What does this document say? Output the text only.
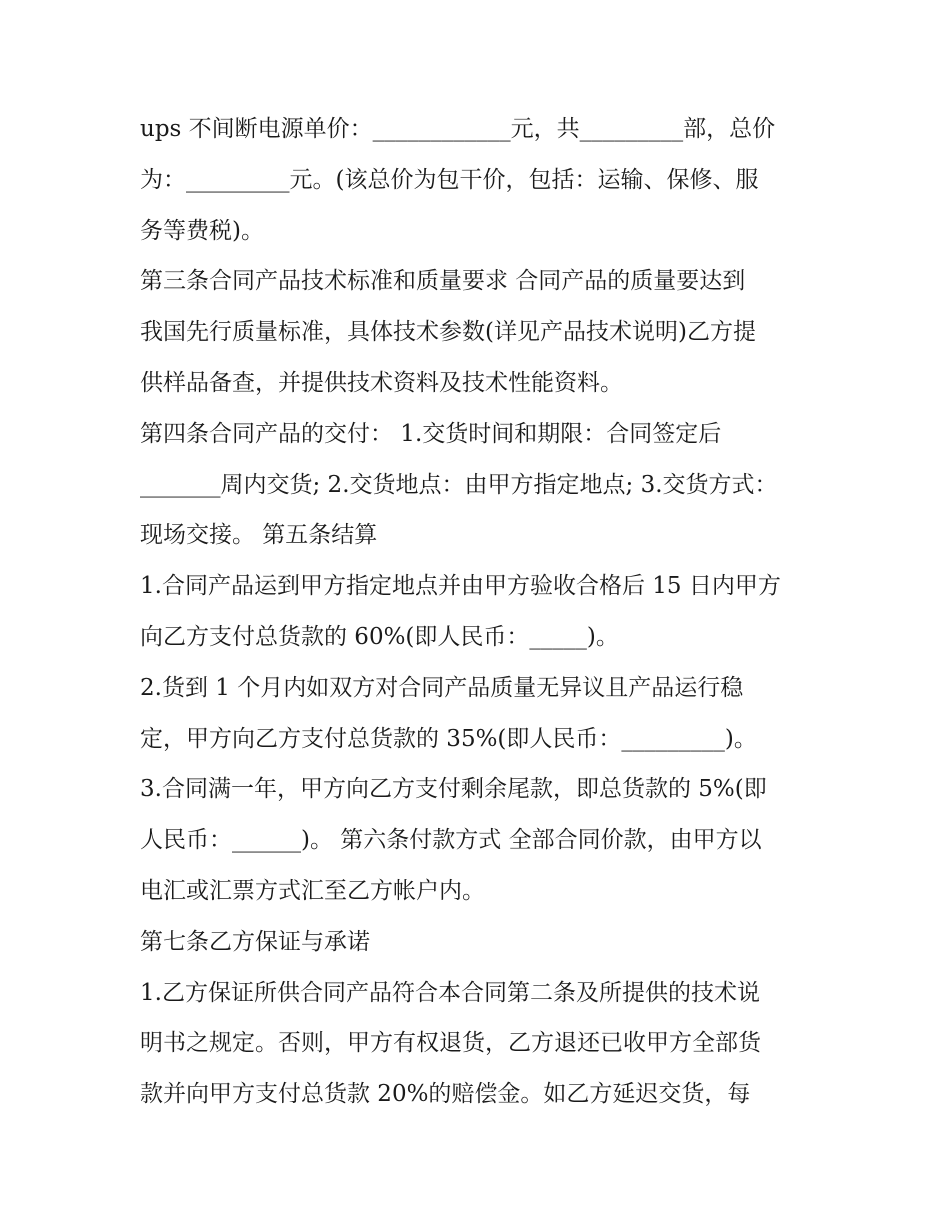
ups 不间断电源单价：____________元，共_________部，总价
为：_________元。(该总价为包干价，包括：运输、保修、服
务等费税)。
第三条合同产品技术标准和质量要求 合同产品的质量要达到
我国先行质量标准，具体技术参数(详见产品技术说明)乙方提
供样品备查，并提供技术资料及技术性能资料。
第四条合同产品的交付： 1.交货时间和期限：合同签定后
_______周内交货; 2.交货地点：由甲方指定地点; 3.交货方式：
现场交接。 第五条结算
1.合同产品运到甲方指定地点并由甲方验收合格后 15 日内甲方
向乙方支付总货款的 60%(即人民币：_____)。
2.货到 1 个月内如双方对合同产品质量无异议且产品运行稳
定，甲方向乙方支付总货款的 35%(即人民币：_________)。
3.合同满一年，甲方向乙方支付剩余尾款，即总货款的 5%(即
人民币：______)。 第六条付款方式 全部合同价款，由甲方以
电汇或汇票方式汇至乙方帐户内。
第七条乙方保证与承诺
1.乙方保证所供合同产品符合本合同第二条及所提供的技术说
明书之规定。否则，甲方有权退货，乙方退还已收甲方全部货
款并向甲方支付总货款 20%的赔偿金。如乙方延迟交货，每
